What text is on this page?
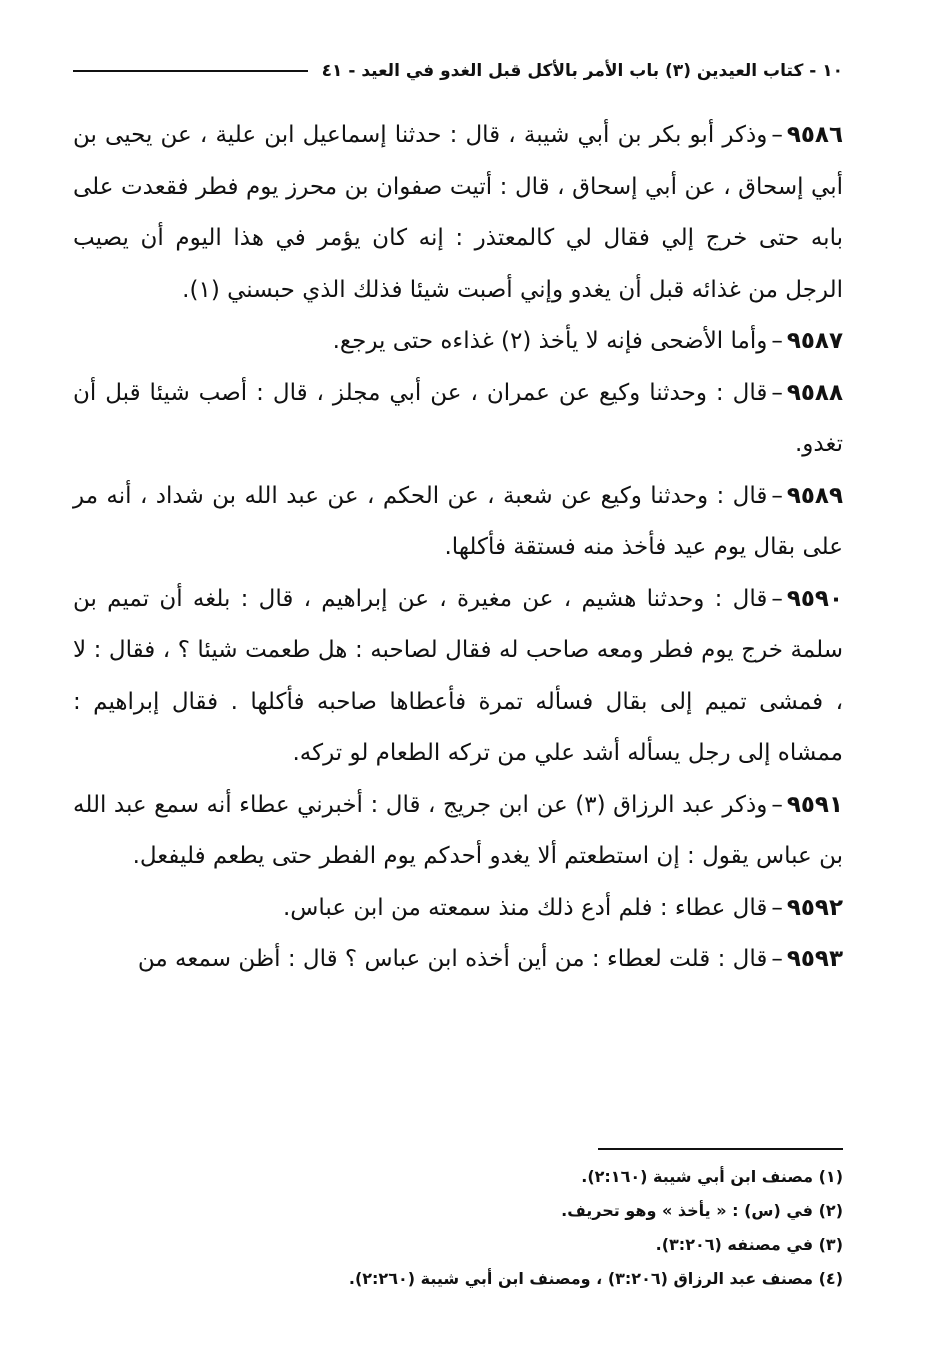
١٠ - كتاب العيدين (٣) باب الأمر بالأكل قبل الغدو في العيد - ٤١

٩٥٨٦–وذكر أبو بكر بن أبي شيبة ، قال : حدثنا إسماعيل ابن علية ، عن يحيى بن أبي إسحاق ، عن أبي إسحاق ، قال : أتيت صفوان بن محرز يوم فطر فقعدت على بابه حتى خرج إلي فقال لي كالمعتذر : إنه كان يؤمر في هذا اليوم أن يصيب الرجل من غذائه قبل أن يغدو وإني أصبت شيئا فذلك الذي حبسني (١).

٩٥٨٧–وأما الأضحى فإنه لا يأخذ (٢) غذاءه حتى يرجع.

٩٥٨٨–قال : وحدثنا وكيع عن عمران ، عن أبي مجلز ، قال : أصب شيئا قبل أن تغدو.

٩٥٨٩–قال : وحدثنا وكيع عن شعبة ، عن الحكم ، عن عبد الله بن شداد ، أنه مر على بقال يوم عيد فأخذ منه فستقة فأكلها.

٩٥٩٠–قال : وحدثنا هشيم ، عن مغيرة ، عن إبراهيم ، قال : بلغه أن تميم بن سلمة خرج يوم فطر ومعه صاحب له فقال لصاحبه : هل طعمت شيئا ؟ ، فقال : لا ، فمشى تميم إلى بقال فسأله تمرة فأعطاها صاحبه فأكلها . فقال إبراهيم : ممشاه إلى رجل يسأله أشد علي من تركه الطعام لو تركه.

٩٥٩١–وذكر عبد الرزاق (٣) عن ابن جريج ، قال : أخبرني عطاء أنه سمع عبد الله بن عباس يقول : إن استطعتم ألا يغدو أحدكم يوم الفطر حتى يطعم فليفعل.

٩٥٩٢–قال عطاء : فلم أدع ذلك منذ سمعته من ابن عباس.

٩٥٩٣–قال : قلت لعطاء : من أين أخذه ابن عباس ؟ قال : أظن سمعه من

(١) مصنف ابن أبي شيبة (٢:١٦٠).

(٢) في (س) : « يأخذ » وهو تحريف.

(٣) في مصنفه (٣:٢٠٦).

(٤) مصنف عبد الرزاق (٣:٢٠٦) ، ومصنف ابن أبي شيبة (٢:٢٦٠).
